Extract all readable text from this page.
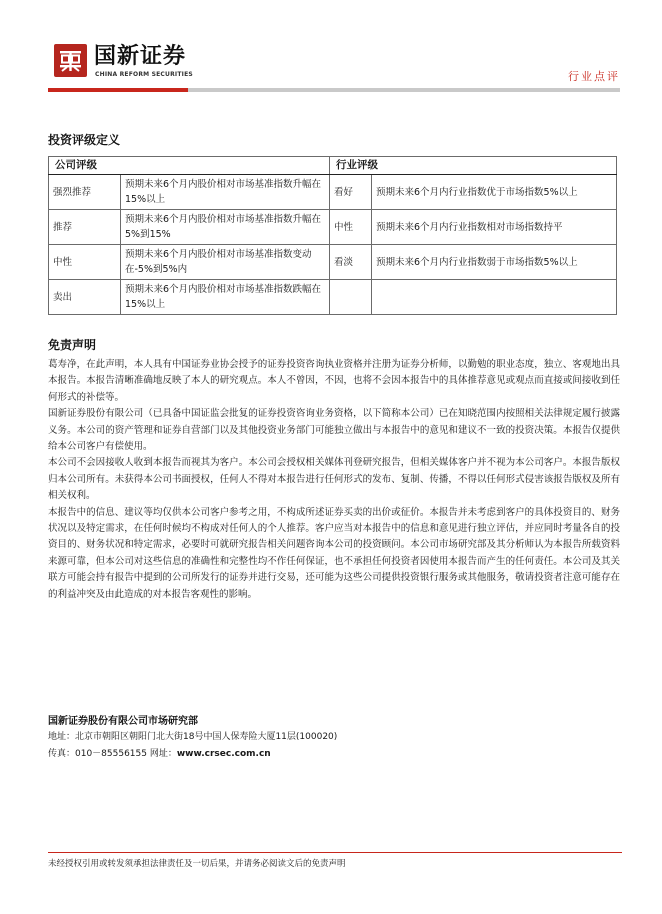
国新证券
CHINA REFORM SECURITIES	行业点评
投资评级定义
公司评级		行业评级	
强烈推荐	预期未来6个月内股价相对市场基准指数升幅在15%以上	看好	预期未来6个月内行业指数优于市场指数5%以上
推荐	预期未来6个月内股价相对市场基准指数升幅在5%到15%	中性	预期未来6个月内行业指数相对市场指数持平
中性	预期未来6个月内股价相对市场基准指数变动在-5%到5%内	看淡	预期未来6个月内行业指数弱于市场指数5%以上
卖出	预期未来6个月内股价相对市场基准指数跌幅在15%以上		
免责声明

葛寿净，在此声明，本人具有中国证券业协会授予的证券投资咨询执业资格并注册为证券分析师，以勤勉的职业态度，独立、客观地出具本报告。本报告清晰准确地反映了本人的研究观点。本人不曾因，不因，也将不会因本报告中的具体推荐意见或观点而直接或间接收到任何形式的补偿等。

国新证券股份有限公司（已具备中国证监会批复的证券投资咨询业务资格，以下简称本公司）已在知晓范围内按照相关法律规定履行披露义务。本公司的资产管理和证券自营部门以及其他投资业务部门可能独立做出与本报告中的意见和建议不一致的投资决策。本报告仅提供给本公司客户有偿使用。

本公司不会因接收人收到本报告而视其为客户。本公司会授权相关媒体刊登研究报告，但相关媒体客户并不视为本公司客户。本报告版权归本公司所有。未获得本公司书面授权，任何人不得对本报告进行任何形式的发布、复制、传播，不得以任何形式侵害该报告版权及所有相关权利。

本报告中的信息、建议等均仅供本公司客户参考之用，不构成所述证券买卖的出价或征价。本报告并未考虑到客户的具体投资目的、财务状况以及特定需求，在任何时候均不构成对任何人的个人推荐。客户应当对本报告中的信息和意见进行独立评估，并应同时考量各自的投资目的、财务状况和特定需求，必要时可就研究报告相关问题咨询本公司的投资顾问。本公司市场研究部及其分析师认为本报告所载资料来源可靠，但本公司对这些信息的准确性和完整性均不作任何保证，也不承担任何投资者因使用本报告而产生的任何责任。本公司及其关联方可能会持有报告中提到的公司所发行的证券并进行交易，还可能为这些公司提供投资银行服务或其他服务，敬请投资者注意可能存在的利益冲突及由此造成的对本报告客观性的影响。

国新证券股份有限公司市场研究部
地址：北京市朝阳区朝阳门北大街18号中国人保寿险大厦11层(100020)
传真：010－85556155 网址：www.crsec.com.cn
未经授权引用或转发须承担法律责任及一切后果，并请务必阅读文后的免责声明
